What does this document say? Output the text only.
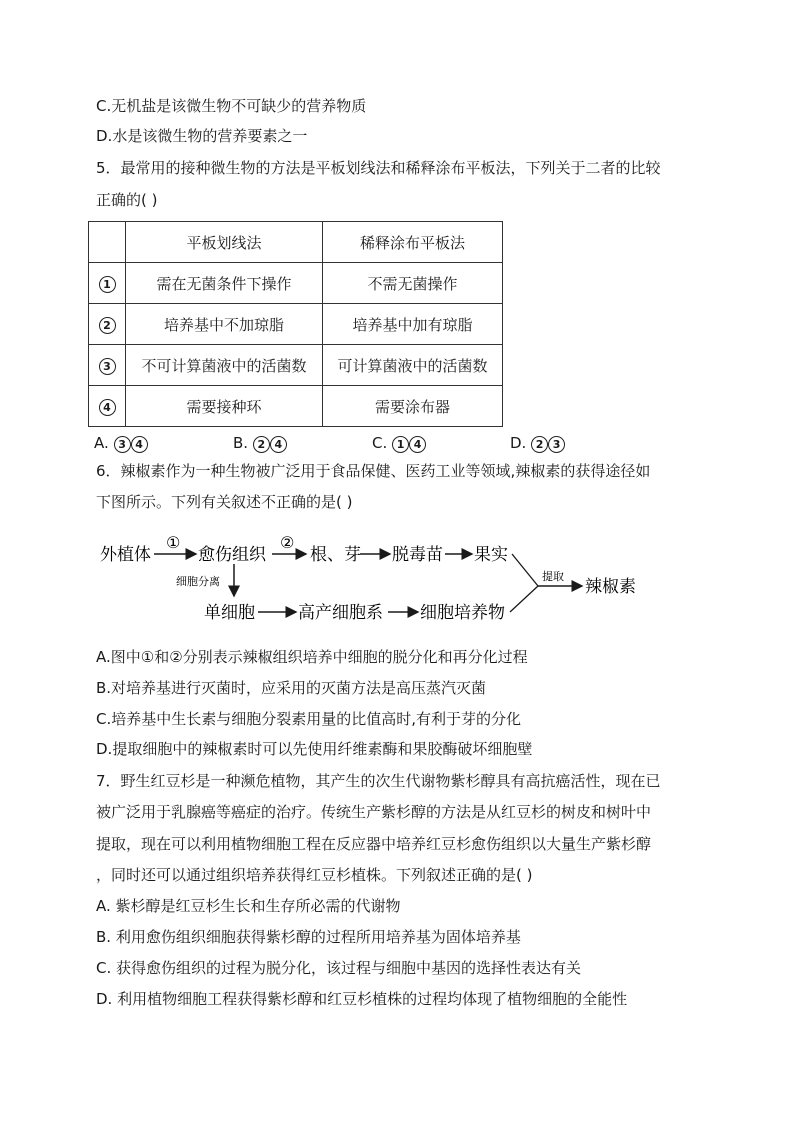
C.无机盐是该微生物不可缺少的营养物质

D.水是该微生物的营养要素之一

5．最常用的接种微生物的方法是平板划线法和稀释涂布平板法，下列关于二者的比较

正确的( )

	平板划线法	稀释涂布平板法
1	需在无菌条件下操作	不需无菌操作
2	培养基中不加琼脂	培养基中加有琼脂
3	不可计算菌液中的活菌数	可计算菌液中的活菌数
4	需要接种环	需要涂布器
A. 3 4	B. 2 4	C. 1 4	D. 2 3

6．辣椒素作为一种生物被广泛用于食品保健、医药工业等领域,辣椒素的获得途径如

下图所示。下列有关叙述不正确的是( )

外植体
①
愈伤组织
②
根、芽 脱毒苗 果实
细胞分离
单细胞	高产细胞系 细胞培养物
提取
辣椒素

A.图中①和②分别表示辣椒组织培养中细胞的脱分化和再分化过程

B.对培养基进行灭菌时，应采用的灭菌方法是高压蒸汽灭菌

C.培养基中生长素与细胞分裂素用量的比值高时,有利于芽的分化

D.提取细胞中的辣椒素时可以先使用纤维素酶和果胶酶破坏细胞壁

7．野生红豆杉是一种濒危植物，其产生的次生代谢物紫杉醇具有高抗癌活性，现在已

被广泛用于乳腺癌等癌症的治疗。传统生产紫杉醇的方法是从红豆杉的树皮和树叶中

提取，现在可以利用植物细胞工程在反应器中培养红豆杉愈伤组织以大量生产紫杉醇

，同时还可以通过组织培养获得红豆杉植株。下列叙述正确的是( )

A. 紫杉醇是红豆杉生长和生存所必需的代谢物

B. 利用愈伤组织细胞获得紫杉醇的过程所用培养基为固体培养基

C. 获得愈伤组织的过程为脱分化，该过程与细胞中基因的选择性表达有关

D. 利用植物细胞工程获得紫杉醇和红豆杉植株的过程均体现了植物细胞的全能性
